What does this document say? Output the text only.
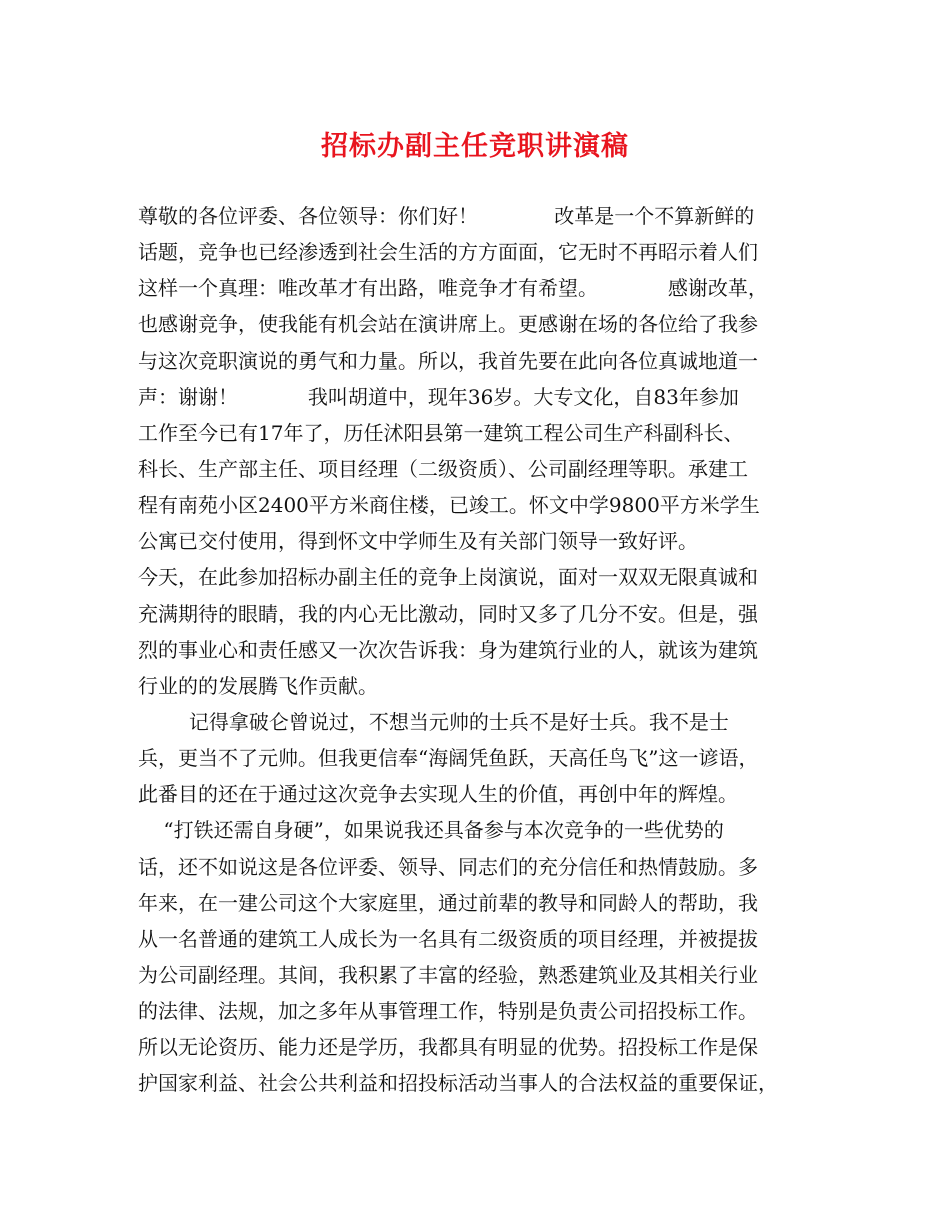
招标办副主任竞职讲演稿
尊敬的各位评委、各位领导：你们好！            改革是一个不算新鲜的
话题，竞争也已经渗透到社会生活的方方面面，它无时不再昭示着人们
这样一个真理：唯改革才有出路，唯竞争才有希望。           感谢改革，
也感谢竞争，使我能有机会站在演讲席上。更感谢在场的各位给了我参
与这次竞职演说的勇气和力量。所以，我首先要在此向各位真诚地道一
声：谢谢！           我叫胡道中，现年36岁。大专文化，自83年参加
工作至今已有17年了，历任沭阳县第一建筑工程公司生产科副科长、
科长、生产部主任、项目经理（二级资质）、公司副经理等职。承建工
程有南苑小区2400平方米商住楼，已竣工。怀文中学9800平方米学生
公寓已交付使用，得到怀文中学师生及有关部门领导一致好评。
今天，在此参加招标办副主任的竞争上岗演说，面对一双双无限真诚和
充满期待的眼睛，我的内心无比激动，同时又多了几分不安。但是，强
烈的事业心和责任感又一次次告诉我：身为建筑行业的人，就该为建筑
行业的的发展腾飞作贡献。
记得拿破仑曾说过，不想当元帅的士兵不是好士兵。我不是士
兵，更当不了元帅。但我更信奉“海阔凭鱼跃，天高任鸟飞”这一谚语，
此番目的还在于通过这次竞争去实现人生的价值，再创中年的辉煌。
“打铁还需自身硬”，如果说我还具备参与本次竞争的一些优势的
话，还不如说这是各位评委、领导、同志们的充分信任和热情鼓励。多
年来，在一建公司这个大家庭里，通过前辈的教导和同龄人的帮助，我
从一名普通的建筑工人成长为一名具有二级资质的项目经理，并被提拔
为公司副经理。其间，我积累了丰富的经验，熟悉建筑业及其相关行业
的法律、法规，加之多年从事管理工作，特别是负责公司招投标工作。
所以无论资历、能力还是学历，我都具有明显的优势。招投标工作是保
护国家利益、社会公共利益和招投标活动当事人的合法权益的重要保证，
